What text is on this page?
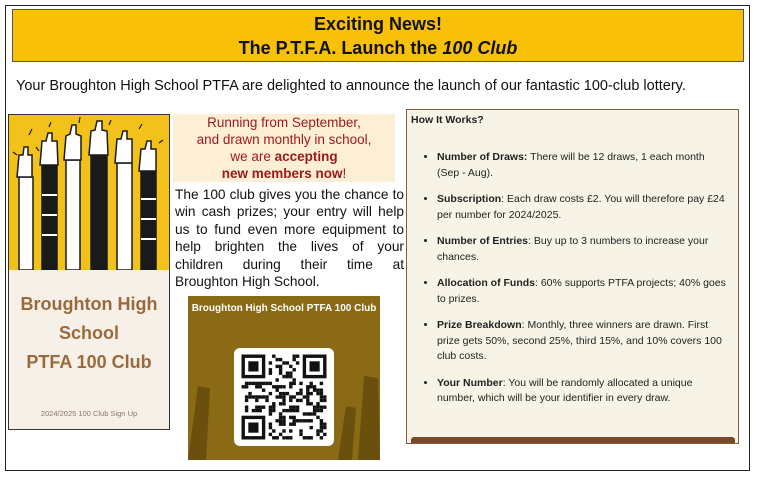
Exciting News!
The P.T.F.A. Launch the 100 Club
Your Broughton High School PTFA are delighted to announce the launch of our fantastic 100-club lottery.
Broughton High
School
PTFA 100 Club
2024/2025 100 Club Sign Up
Running from September,
and drawn monthly in school,
we are accepting
new members now!
The 100 club gives you the chance to win cash prizes; your entry will help us to fund even more equipment to help brighten the lives of your children during their time at Broughton High School.
Broughton High School PTFA 100 Club
How It Works?
• Number of Draws: There will be 12 draws, 1 each month (Sep - Aug).
• Subscription: Each draw costs £2. You will therefore pay £24 per number for 2024/2025.
• Number of Entries: Buy up to 3 numbers to increase your chances.
• Allocation of Funds: 60% supports PTFA projects; 40% goes to prizes.
• Prize Breakdown: Monthly, three winners are drawn. First prize gets 50%, second 25%, third 15%, and 10% covers 100 club costs.
• Your Number: You will be randomly allocated a unique number, which will be your identifier in every draw.
